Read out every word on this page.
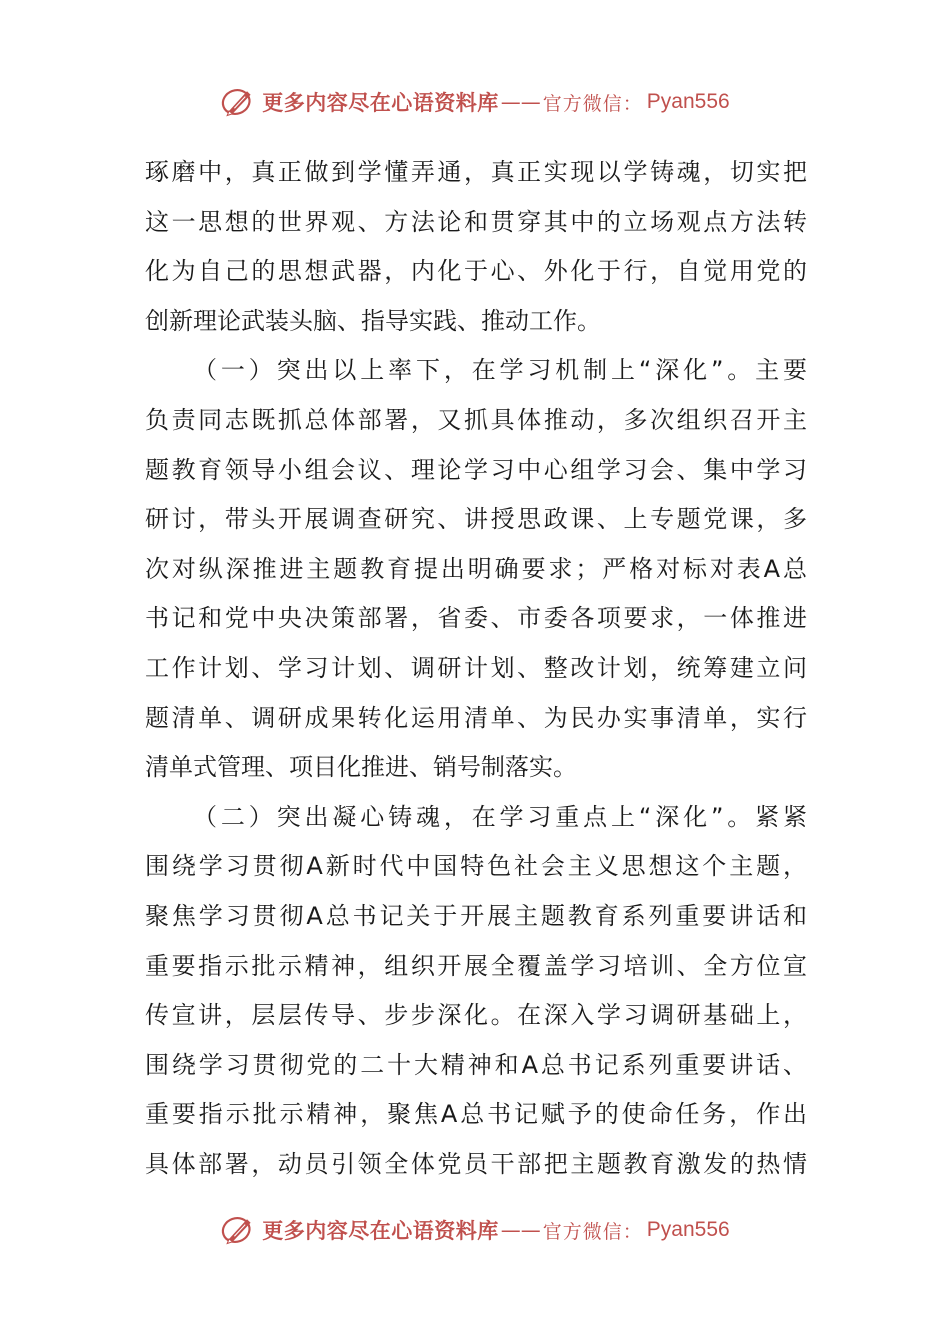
更多内容尽在心语资料库 —— 官方微信： Pyan556
琢磨中，真正做到学懂弄通，真正实现以学铸魂，切实把
这一思想的世界观、方法论和贯穿其中的立场观点方法转
化为自己的思想武器，内化于心、外化于行，自觉用党的
创新理论武装头脑、指导实践、推动工作。
（一）突出以上率下，在学习机制上“深化”。主要
负责同志既抓总体部署，又抓具体推动，多次组织召开主
题教育领导小组会议、理论学习中心组学习会、集中学习
研讨，带头开展调查研究、讲授思政课、上专题党课，多
次对纵深推进主题教育提出明确要求；严格对标对表A总
书记和党中央决策部署，省委、市委各项要求，一体推进
工作计划、学习计划、调研计划、整改计划，统筹建立问
题清单、调研成果转化运用清单、为民办实事清单，实行
清单式管理、项目化推进、销号制落实。
（二）突出凝心铸魂，在学习重点上“深化”。紧紧
围绕学习贯彻A新时代中国特色社会主义思想这个主题，
聚焦学习贯彻A总书记关于开展主题教育系列重要讲话和
重要指示批示精神，组织开展全覆盖学习培训、全方位宣
传宣讲，层层传导、步步深化。在深入学习调研基础上，
围绕学习贯彻党的二十大精神和A总书记系列重要讲话、
重要指示批示精神，聚焦A总书记赋予的使命任务，作出
具体部署，动员引领全体党员干部把主题教育激发的热情
更多内容尽在心语资料库 —— 官方微信： Pyan556
